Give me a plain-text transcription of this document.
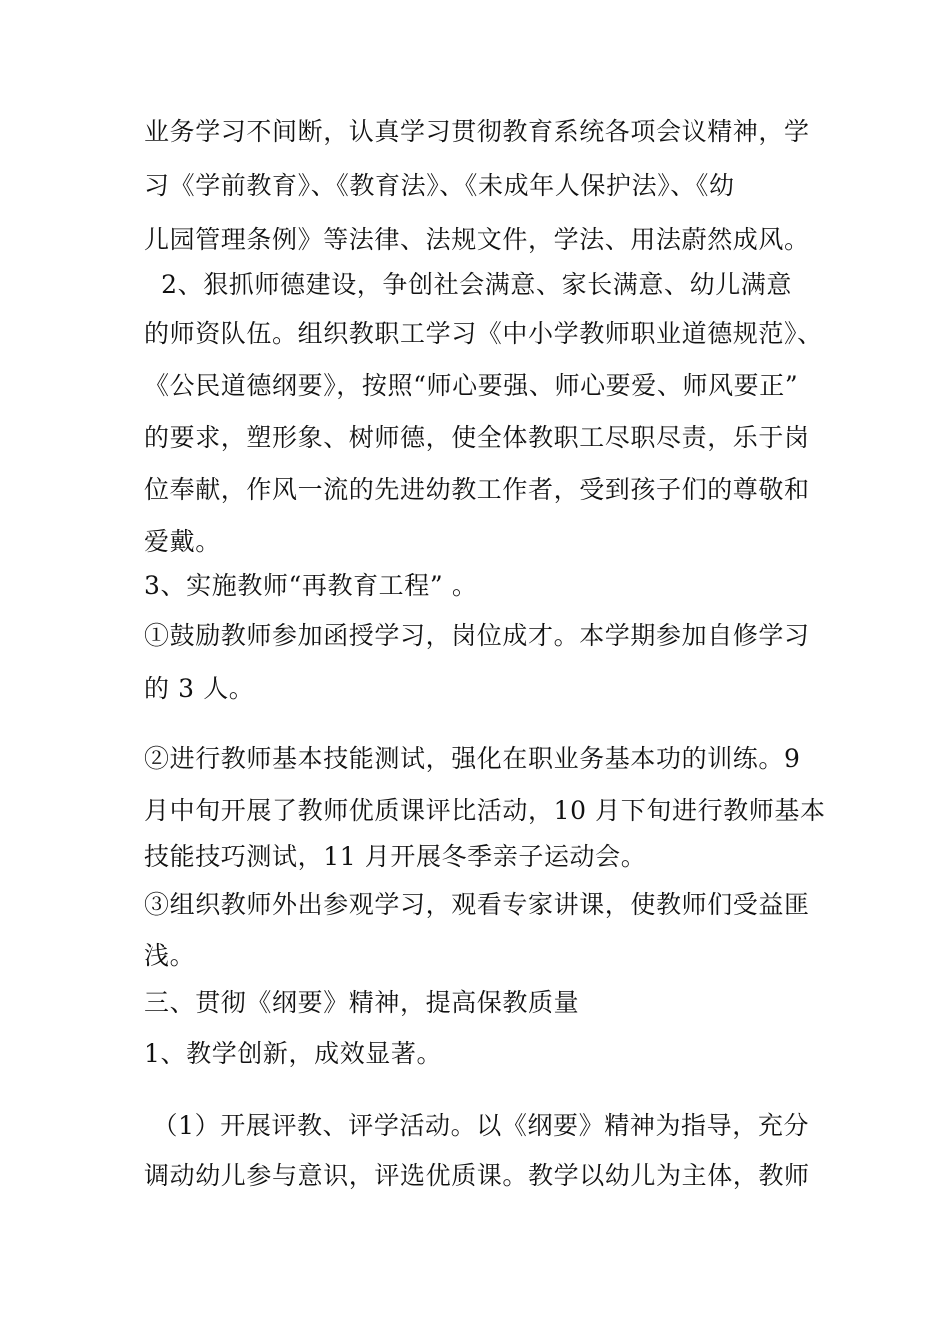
业务学习不间断，认真学习贯彻教育系统各项会议精神，学
习《学前教育》、《教育法》、《未成年人保护法》、《幼
儿园管理条例》等法律、法规文件，学法、用法蔚然成风。
2、狠抓师德建设，争创社会满意、家长满意、幼儿满意
的师资队伍。组织教职工学习《中小学教师职业道德规范》、
《公民道德纲要》，按照“师心要强、师心要爱、师风要正”
的要求，塑形象、树师德，使全体教职工尽职尽责，乐于岗
位奉献，作风一流的先进幼教工作者，受到孩子们的尊敬和
爱戴。
3、实施教师“再教育工程” 。
①鼓励教师参加函授学习，岗位成才。本学期参加自修学习
的 3 人。
②进行教师基本技能测试，强化在职业务基本功的训练。9
月中旬开展了教师优质课评比活动，10 月下旬进行教师基本
技能技巧测试，11 月开展冬季亲子运动会。
③组织教师外出参观学习，观看专家讲课，使教师们受益匪
浅。
三、贯彻《纲要》精神，提高保教质量
1、教学创新，成效显著。
（1）开展评教、评学活动。以《纲要》精神为指导，充分
调动幼儿参与意识，评选优质课。教学以幼儿为主体，教师
